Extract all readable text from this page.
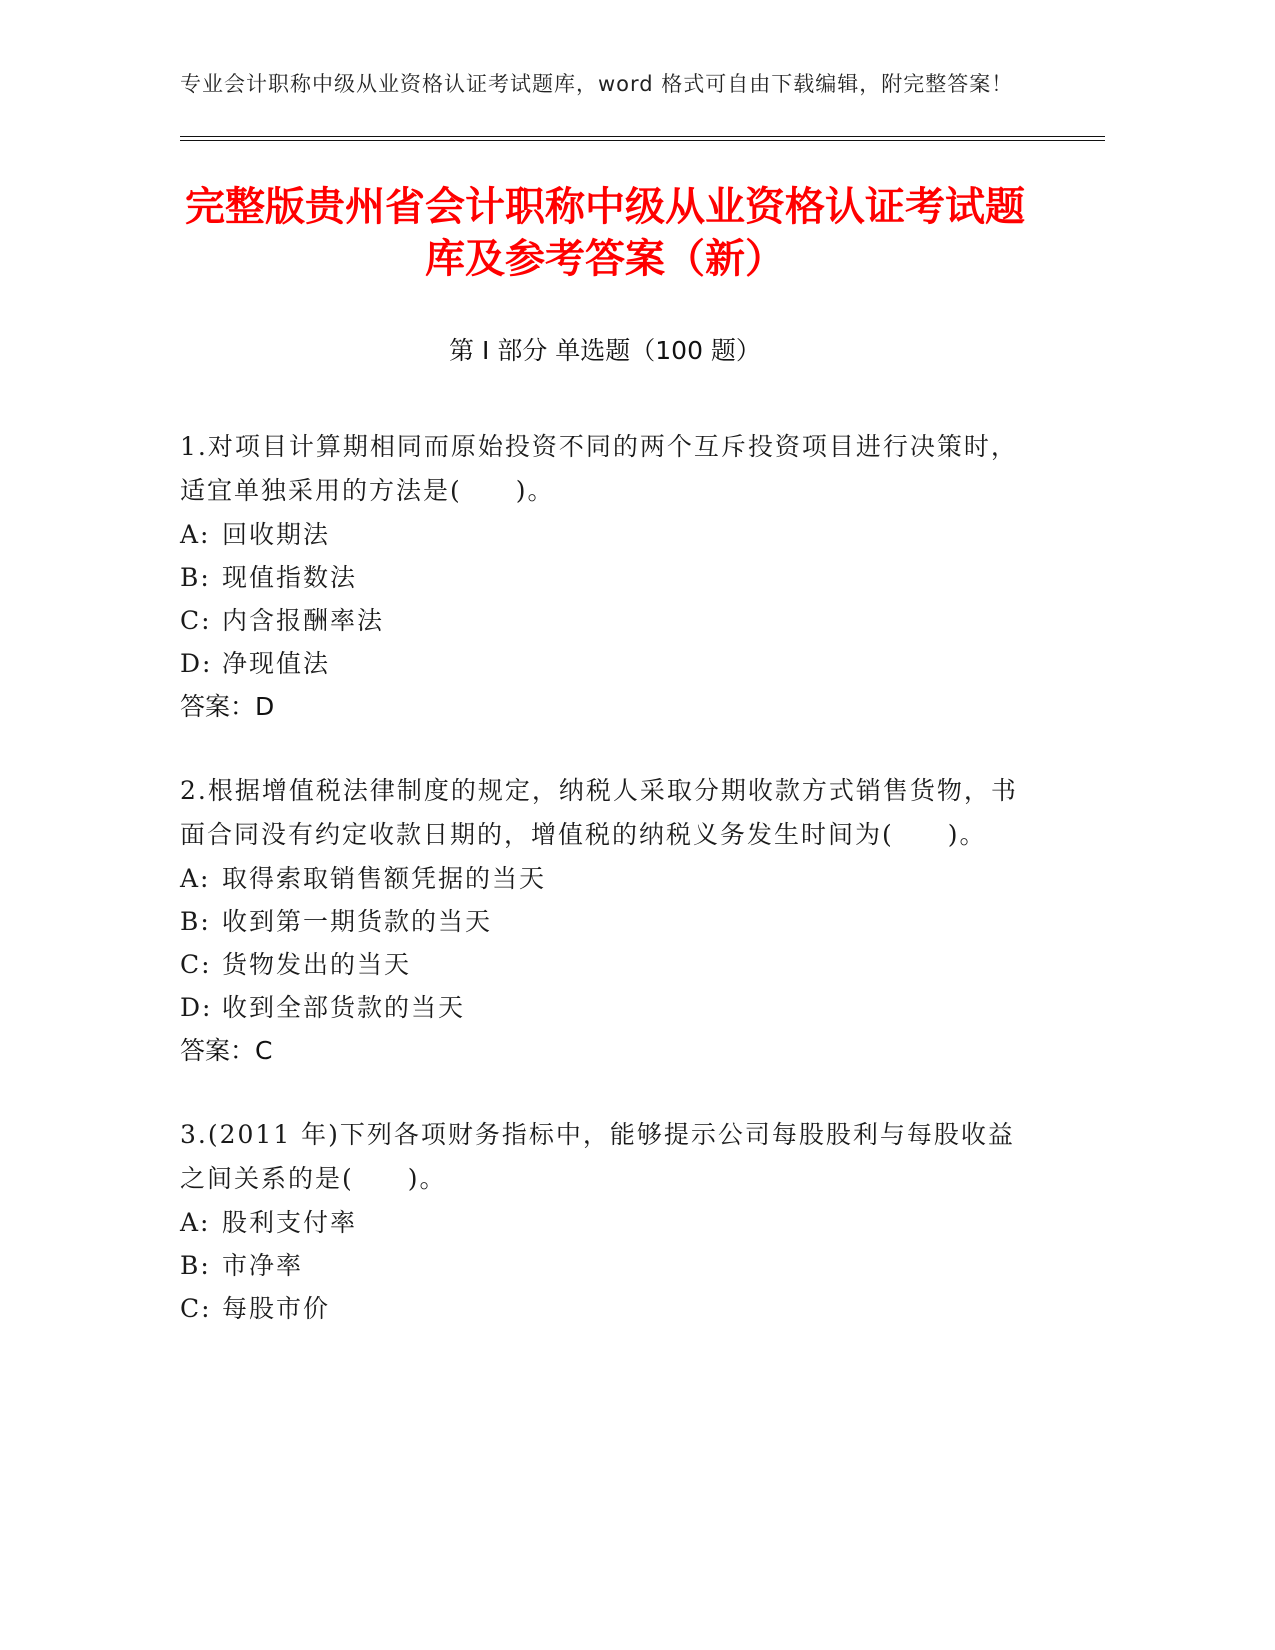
专业会计职称中级从业资格认证考试题库，word 格式可自由下载编辑，附完整答案！

完整版贵州省会计职称中级从业资格认证考试题库及参考答案（新）
第 I 部分 单选题（100 题）
1.对项目计算期相同而原始投资不同的两个互斥投资项目进行决策时，适宜单独采用的方法是(　　)。
A: 回收期法
B: 现值指数法
C: 内含报酬率法
D: 净现值法
答案：D
2.根据增值税法律制度的规定，纳税人采取分期收款方式销售货物，书面合同没有约定收款日期的，增值税的纳税义务发生时间为(　　)。
A: 取得索取销售额凭据的当天
B: 收到第一期货款的当天
C: 货物发出的当天
D: 收到全部货款的当天
答案：C
3.(2011 年)下列各项财务指标中，能够提示公司每股股利与每股收益之间关系的是(　　)。
A: 股利支付率
B: 市净率
C: 每股市价
